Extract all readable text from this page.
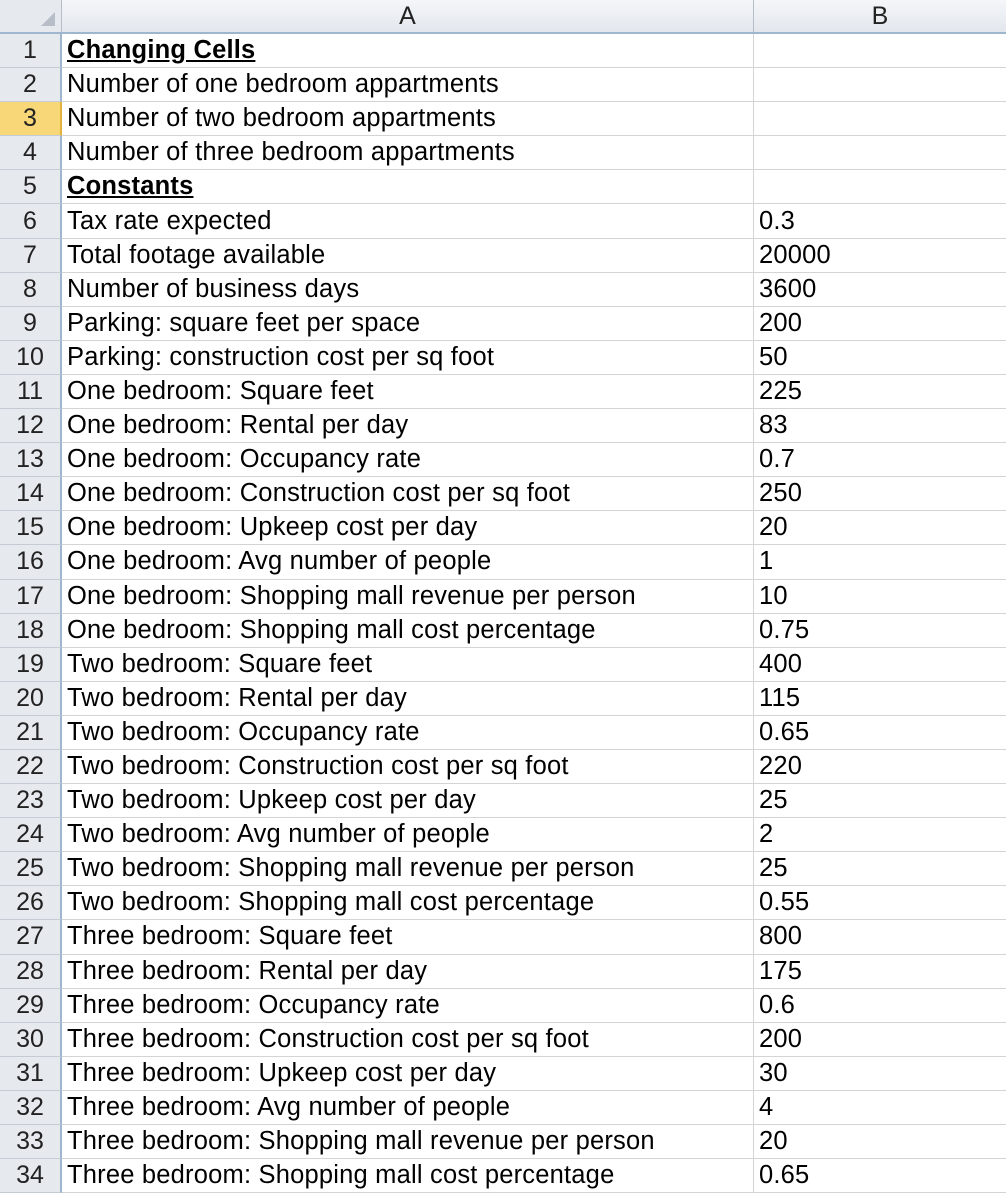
A	B
1	Changing Cells
2	Number of one bedroom appartments
3	Number of two bedroom appartments
4	Number of three bedroom appartments
5	Constants
6	Tax rate expected	0.3
7	Total footage available	20000
8	Number of business days	3600
9	Parking: square feet per space	200
10 Parking: construction cost per sq foot	50
11 One bedroom: Square feet	225
12 One bedroom: Rental per day	83
13 One bedroom: Occupancy rate	0.7
14 One bedroom: Construction cost per sq foot	250
15 One bedroom: Upkeep cost per day	20
16 One bedroom: Avg number of people	1
17 One bedroom: Shopping mall revenue per person	10
18 One bedroom: Shopping mall cost percentage	0.75
19 Two bedroom: Square feet	400
20 Two bedroom: Rental per day	115
21 Two bedroom: Occupancy rate	0.65
22 Two bedroom: Construction cost per sq foot	220
23 Two bedroom: Upkeep cost per day	25
24 Two bedroom: Avg number of people	2
25 Two bedroom: Shopping mall revenue per person	25
26 Two bedroom: Shopping mall cost percentage	0.55
27 Three bedroom: Square feet	800
28 Three bedroom: Rental per day	175
29 Three bedroom: Occupancy rate	0.6
30 Three bedroom: Construction cost per sq foot	200
31 Three bedroom: Upkeep cost per day	30
32 Three bedroom: Avg number of people	4
33 Three bedroom: Shopping mall revenue per person	20
34 Three bedroom: Shopping mall cost percentage	0.65
